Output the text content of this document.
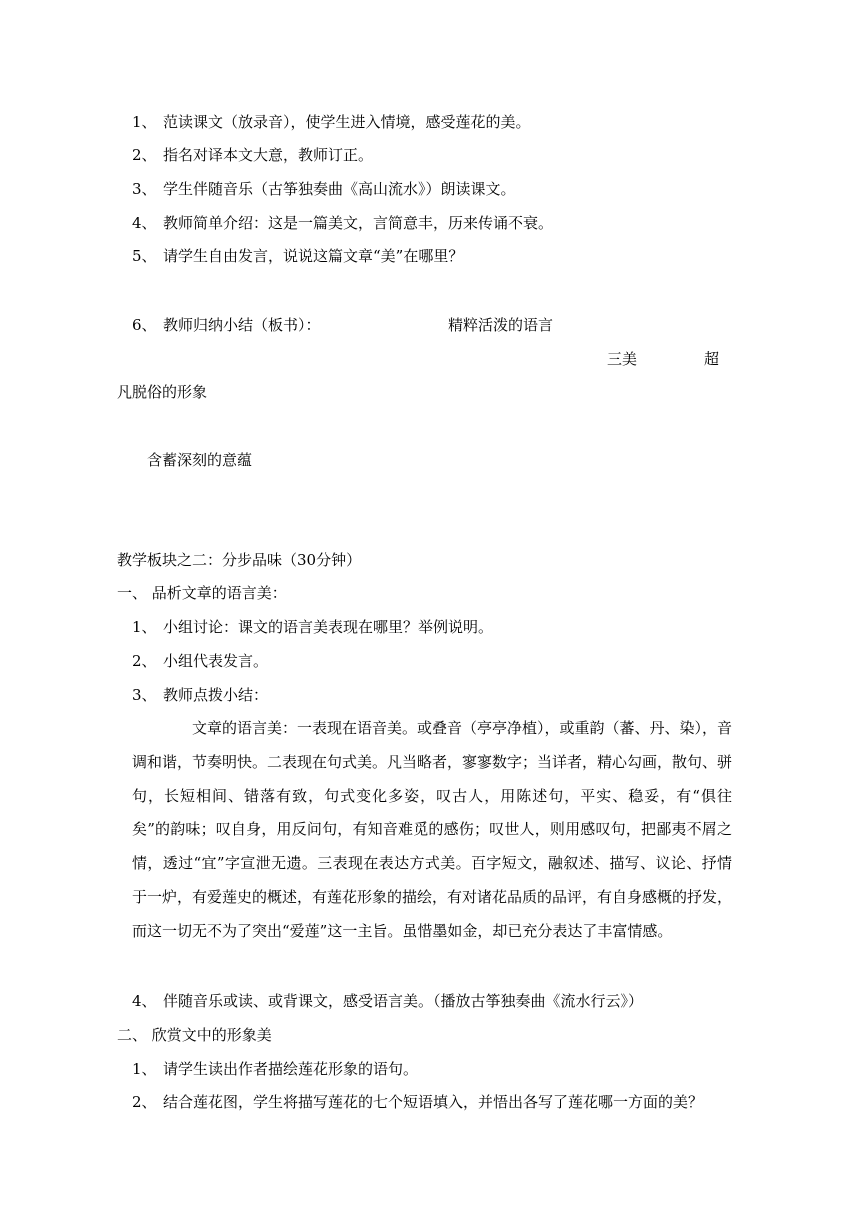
1、 范读课文（放录音），使学生进入情境，感受莲花的美。
2、 指名对译本文大意，教师订正。
3、 学生伴随音乐（古筝独奏曲《高山流水》）朗读课文。
4、 教师简单介绍：这是一篇美文，言简意丰，历来传诵不衰。
5、 请学生自由发言，说说这篇文章“美”在哪里？
6、 教师归纳小结（板书）：	精粹活泼的语言
三美	超
凡脱俗的形象
含蓄深刻的意蕴
教学板块之二：分步品味（30分钟）
一、 品析文章的语言美：
1、 小组讨论：课文的语言美表现在哪里？举例说明。
2、 小组代表发言。
3、 教师点拨小结：
文章的语言美：一表现在语音美。或叠音（亭亭净植），或重韵（蕃、丹、染），音调和谐，节奏明快。二表现在句式美。凡当略者，寥寥数字；当详者，精心勾画，散句、骈句，长短相间、错落有致，句式变化多姿，叹古人，用陈述句，平实、稳妥，有“俱往矣”的韵味；叹自身，用反问句，有知音难觅的感伤；叹世人，则用感叹句，把鄙夷不屑之情，透过“宜”字宣泄无遗。三表现在表达方式美。百字短文，融叙述、描写、议论、抒情于一炉，有爱莲史的概述，有莲花形象的描绘，有对诸花品质的品评，有自身感概的抒发，而这一切无不为了突出“爱莲”这一主旨。虽惜墨如金，却已充分表达了丰富情感。
4、 伴随音乐或读、或背课文，感受语言美。（播放古筝独奏曲《流水行云》）
二、 欣赏文中的形象美
1、 请学生读出作者描绘莲花形象的语句。
2、 结合莲花图，学生将描写莲花的七个短语填入，并悟出各写了莲花哪一方面的美？
